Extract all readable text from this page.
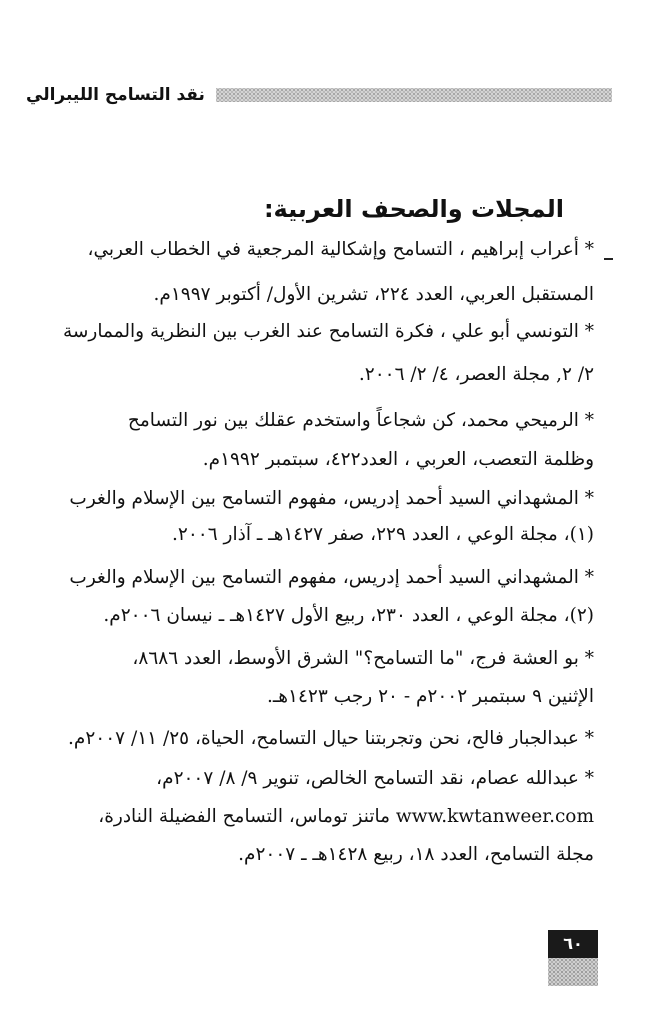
نقد التسامح الليبرالي
المجلات والصحف العربية:
* أعراب إبراهيم ، التسامح وإشكالية المرجعية في الخطاب العربي،
المستقبل العربي، العدد ٢٢٤، تشرين الأول/ أكتوبر ١٩٩٧م.
* التونسي أبو علي ، فكرة التسامح عند الغرب بين النظرية والممارسة
٢/ ٢, مجلة العصر، ٤/ ٢/ ٢٠٠٦.
* الرميحي محمد، كن شجاعاً واستخدم عقلك بين نور التسامح
وظلمة التعصب، العربي ، العدد٤٢٢، سبتمبر ١٩٩٢م.
* المشهداني السيد أحمد إدريس، مفهوم التسامح بين الإسلام والغرب
(١)، مجلة الوعي ، العدد ٢٢٩، صفر ١٤٢٧هـ ـ آذار ٢٠٠٦.
* المشهداني السيد أحمد إدريس، مفهوم التسامح بين الإسلام والغرب
(٢)، مجلة الوعي ، العدد ٢٣٠، ربيع الأول ١٤٢٧هـ ـ نيسان ٢٠٠٦م.
* بو العشة فرج، "ما التسامح؟" الشرق الأوسط، العدد ٨٦٨٦،
الإثنين ٩ سبتمبر ٢٠٠٢م - ٢٠ رجب ١٤٢٣هـ.
* عبدالجبار فالح، نحن وتجربتنا حيال التسامح، الحياة، ٢٥/ ١١/ ٢٠٠٧م.
* عبدالله عصام، نقد التسامح الخالص، تنوير ٩/ ٨/ ٢٠٠٧م،
www.kwtanweer.com ماتنز توماس، التسامح الفضيلة النادرة،
مجلة التسامح، العدد ١٨، ربيع ١٤٢٨هـ ـ ٢٠٠٧م.
٦٠
